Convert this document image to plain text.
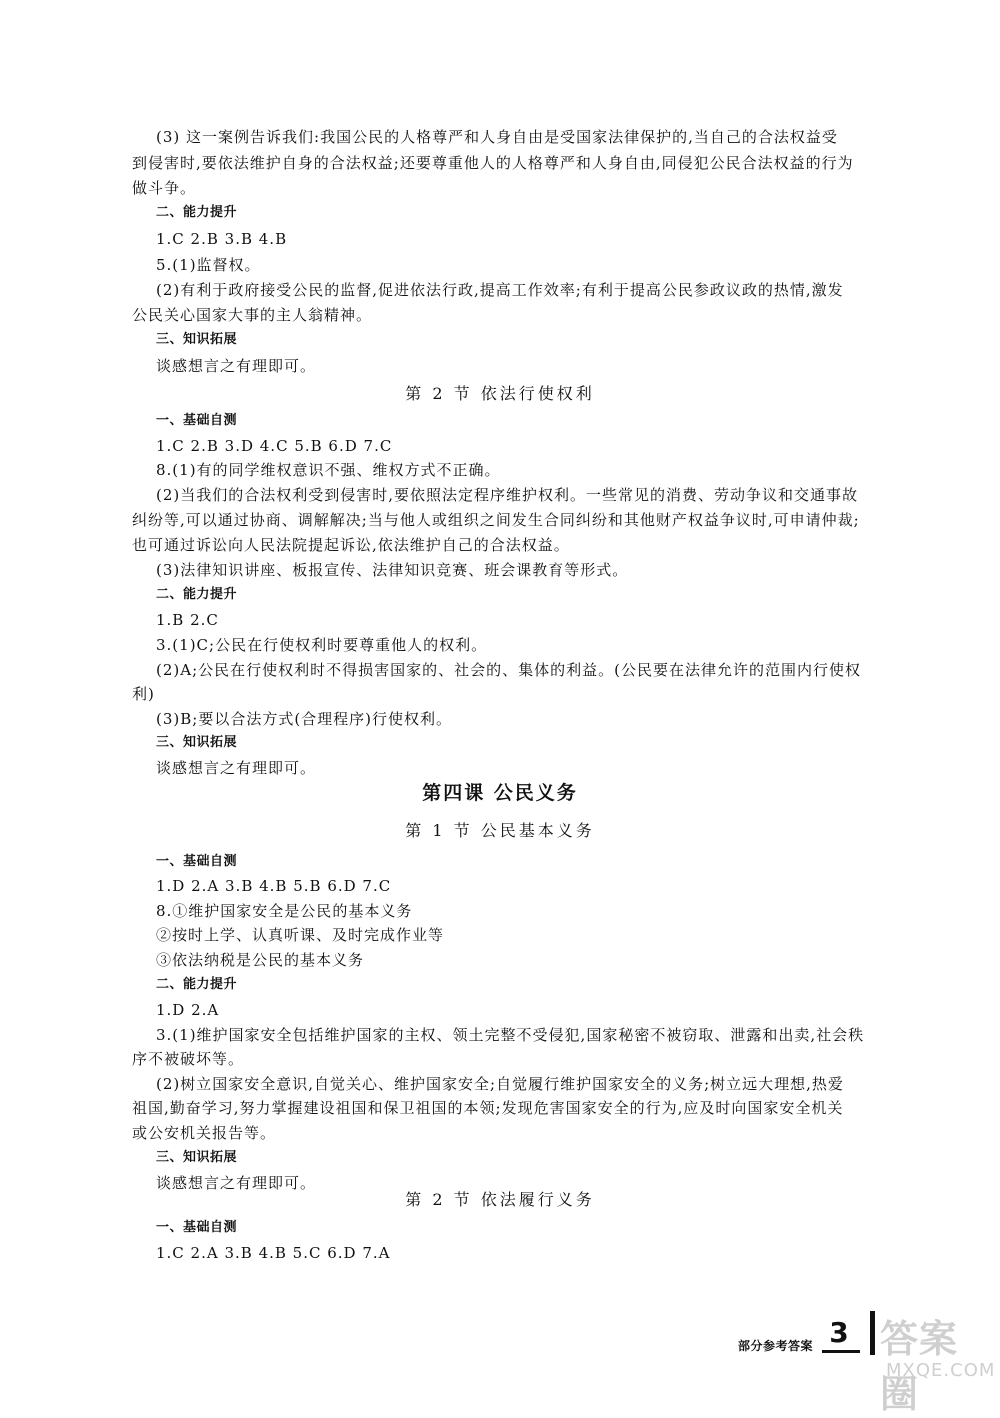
(3) 这一案例告诉我们:我国公民的人格尊严和人身自由是受国家法律保护的,当自己的合法权益受
到侵害时,要依法维护自身的合法权益;还要尊重他人的人格尊严和人身自由,同侵犯公民合法权益的行为
做斗争。
二、能力提升
1.C 2.B 3.B 4.B
5.(1)监督权。
(2)有利于政府接受公民的监督,促进依法行政,提高工作效率;有利于提高公民参政议政的热情,激发
公民关心国家大事的主人翁精神。
三、知识拓展
谈感想言之有理即可。
第 2 节 依法行使权利
一、基础自测
1.C 2.B 3.D 4.C 5.B 6.D 7.C
8.(1)有的同学维权意识不强、维权方式不正确。
(2)当我们的合法权利受到侵害时,要依照法定程序维护权利。一些常见的消费、劳动争议和交通事故
纠纷等,可以通过协商、调解解决;当与他人或组织之间发生合同纠纷和其他财产权益争议时,可申请仲裁;
也可通过诉讼向人民法院提起诉讼,依法维护自己的合法权益。
(3)法律知识讲座、板报宣传、法律知识竞赛、班会课教育等形式。
二、能力提升
1.B 2.C
3.(1)C;公民在行使权利时要尊重他人的权利。
(2)A;公民在行使权利时不得损害国家的、社会的、集体的利益。(公民要在法律允许的范围内行使权
利)
(3)B;要以合法方式(合理程序)行使权利。
三、知识拓展
谈感想言之有理即可。
第四课 公民义务
第 1 节 公民基本义务
一、基础自测
1.D 2.A 3.B 4.B 5.B 6.D 7.C
8.①维护国家安全是公民的基本义务
②按时上学、认真听课、及时完成作业等
③依法纳税是公民的基本义务
二、能力提升
1.D 2.A
3.(1)维护国家安全包括维护国家的主权、领土完整不受侵犯,国家秘密不被窃取、泄露和出卖,社会秩
序不被破坏等。
(2)树立国家安全意识,自觉关心、维护国家安全;自觉履行维护国家安全的义务;树立远大理想,热爱
祖国,勤奋学习,努力掌握建设祖国和保卫祖国的本领;发现危害国家安全的行为,应及时向国家安全机关
或公安机关报告等。
三、知识拓展
谈感想言之有理即可。
第 2 节 依法履行义务
一、基础自测
1.C 2.A 3.B 4.B 5.C 6.D 7.A
部分参考答案 3 答案圈
MXQE.COM
